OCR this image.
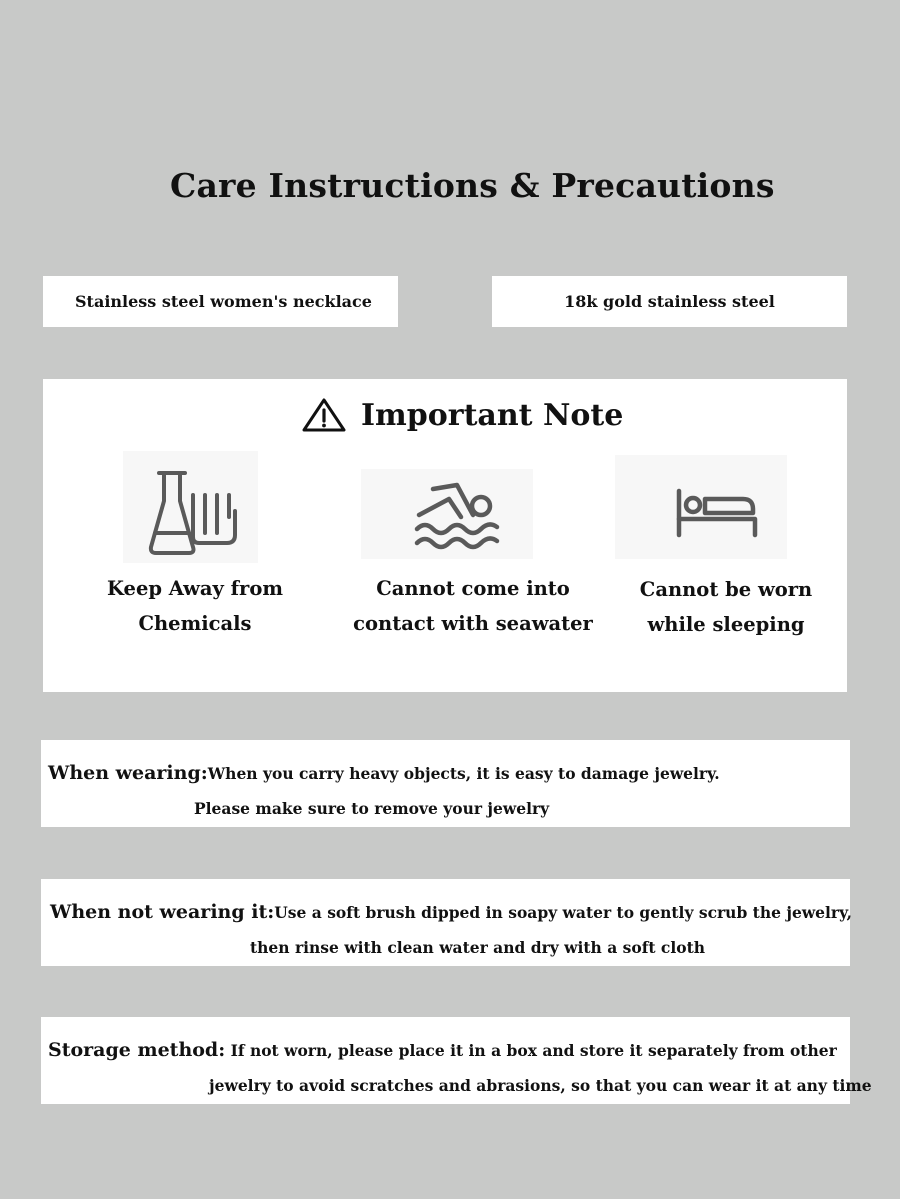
Care Instructions & Precautions
Stainless steel women's necklace	18k gold stainless steel
Important Note
Keep Away from
Chemicals
Cannot come into
contact with seawater
Cannot be worn
while sleeping
When wearing:When you carry heavy objects, it is easy to damage jewelry.
Please make sure to remove your jewelry
When not wearing it:Use a soft brush dipped in soapy water to gently scrub the jewelry,
then rinse with clean water and dry with a soft cloth
Storage method: If not worn, please place it in a box and store it separately from other
jewelry to avoid scratches and abrasions, so that you can wear it at any time
